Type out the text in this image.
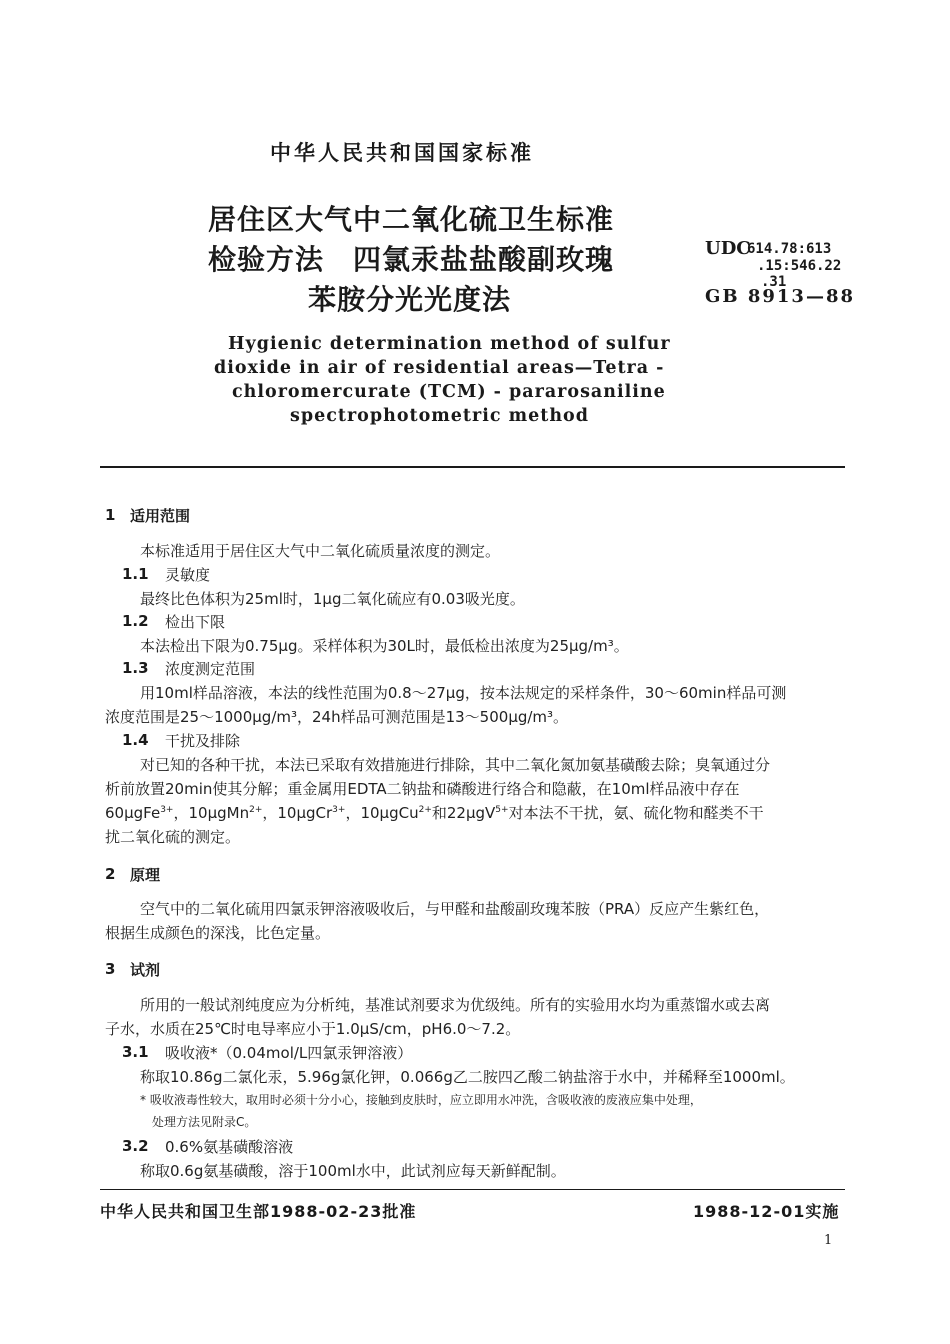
中华人民共和国国家标准
居住区大气中二氧化硫卫生标准
检验方法　四氯汞盐盐酸副玫瑰
苯胺分光光度法
UDC
614.78:613
.15:546.22
.31
GB 8913—88
Hygienic determination method of sulfur
dioxide in air of residential areas—Tetra -
chloromercurate (TCM) - pararosaniline
spectrophotometric method
1 适用范围
本标准适用于居住区大气中二氧化硫质量浓度的测定。
1.1 灵敏度
最终比色体积为25ml时，1μg二氧化硫应有0.03吸光度。
1.2 检出下限
本法检出下限为0.75μg。采样体积为30L时，最低检出浓度为25μg/m³。
1.3 浓度测定范围
用10ml样品溶液，本法的线性范围为0.8～27μg，按本法规定的采样条件，30～60min样品可测
浓度范围是25～1000μg/m³，24h样品可测范围是13～500μg/m³。
1.4 干扰及排除
对已知的各种干扰，本法已采取有效措施进行排除，其中二氧化氮加氨基磺酸去除；臭氧通过分
析前放置20min使其分解；重金属用EDTA二钠盐和磷酸进行络合和隐蔽，在10ml样品液中存在
60μgFe$^{3+}$，10μgMn$^{2+}$，10μgCr$^{3+}$，10μgCu$^{2+}$和22μgV$^{5+}$对本法不干扰，氨、硫化物和醛类不干
扰二氧化硫的测定。
2 原理
空气中的二氧化硫用四氯汞钾溶液吸收后，与甲醛和盐酸副玫瑰苯胺（PRA）反应产生紫红色，
根据生成颜色的深浅，比色定量。
3 试剂
所用的一般试剂纯度应为分析纯，基准试剂要求为优级纯。所有的实验用水均为重蒸馏水或去离
子水，水质在25℃时电导率应小于1.0μS/cm，pH6.0～7.2。
3.1 吸收液*（0.04mol/L四氯汞钾溶液）
称取10.86g二氯化汞，5.96g氯化钾，0.066g乙二胺四乙酸二钠盐溶于水中，并稀释至1000ml。
* 吸收液毒性较大，取用时必须十分小心，接触到皮肤时，应立即用水冲洗，含吸收液的废液应集中处理，
处理方法见附录C。
3.2 0.6%氨基磺酸溶液
称取0.6g氨基磺酸，溶于100ml水中，此试剂应每天新鲜配制。
中华人民共和国卫生部1988-02-23批准	1988-12-01实施
1
